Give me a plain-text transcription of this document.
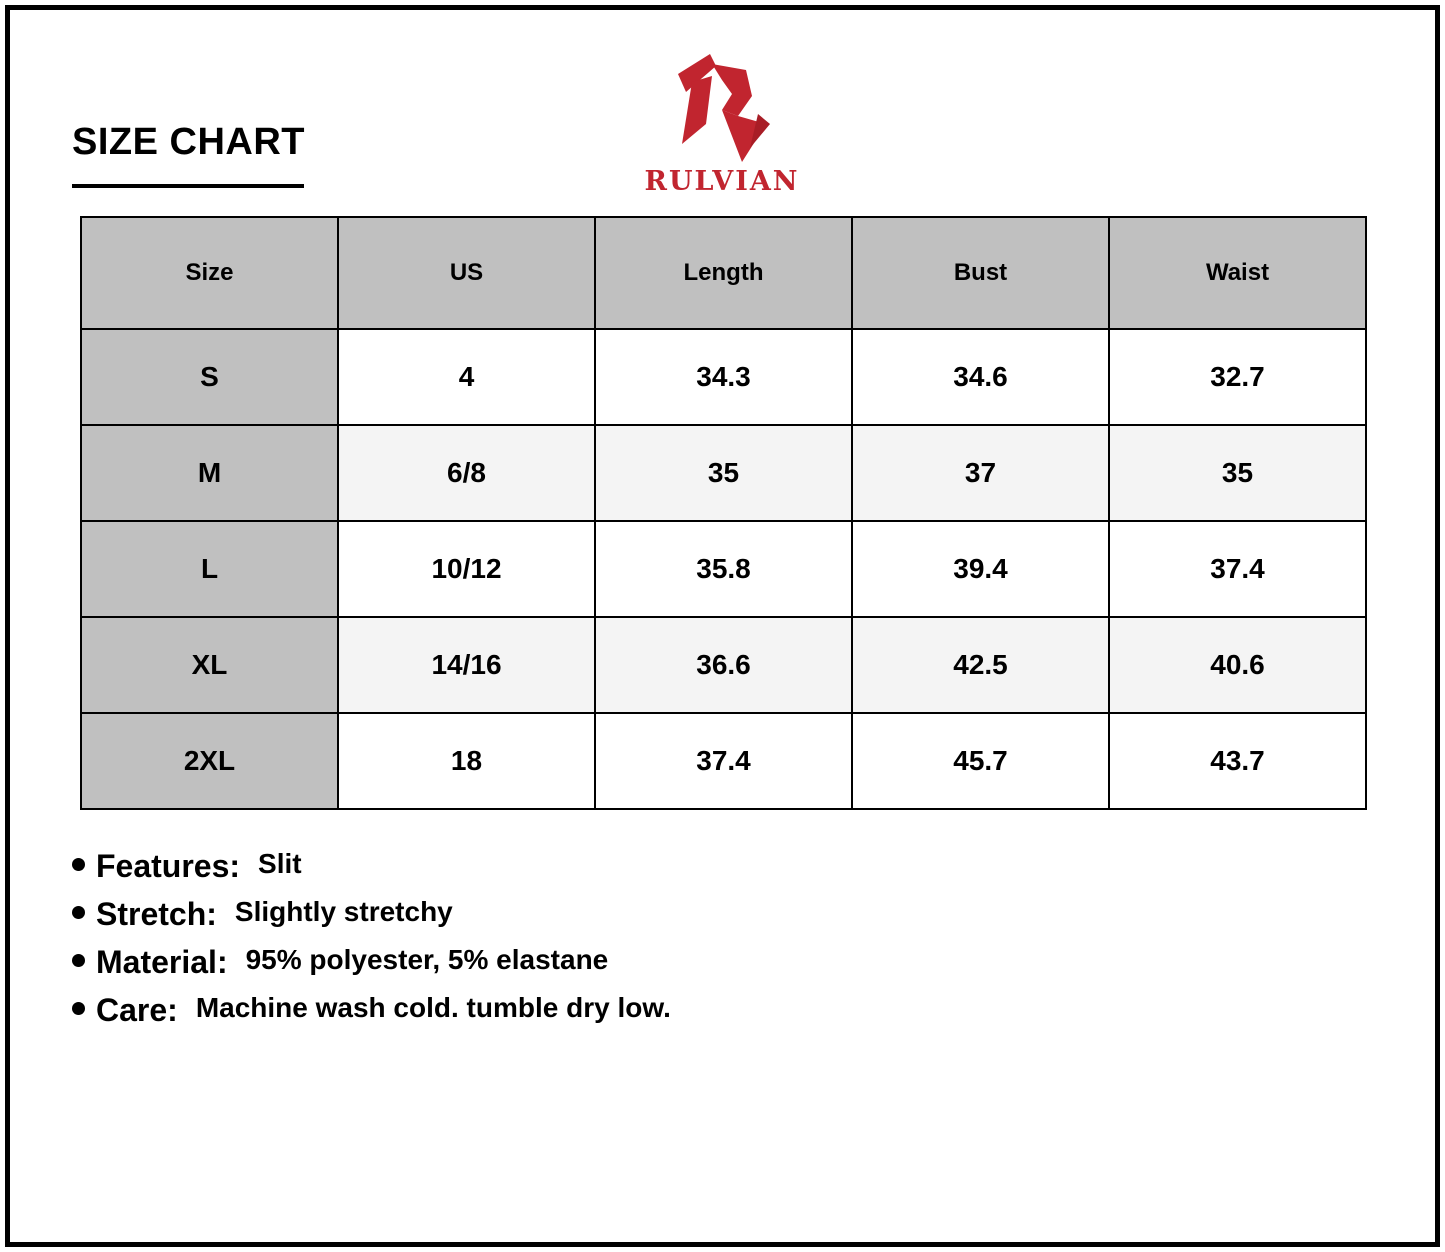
SIZE CHART
RULVIAN
Size	US	Length	Bust	Waist
S	4	34.3	34.6	32.7
M	6/8	35	37	35
L	10/12	35.8	39.4	37.4
XL	14/16	36.6	42.5	40.6
2XL	18	37.4	45.7	43.7
Features: Slit
Stretch: Slightly stretchy
Material: 95% polyester, 5% elastane
Care: Machine wash cold. tumble dry low.
